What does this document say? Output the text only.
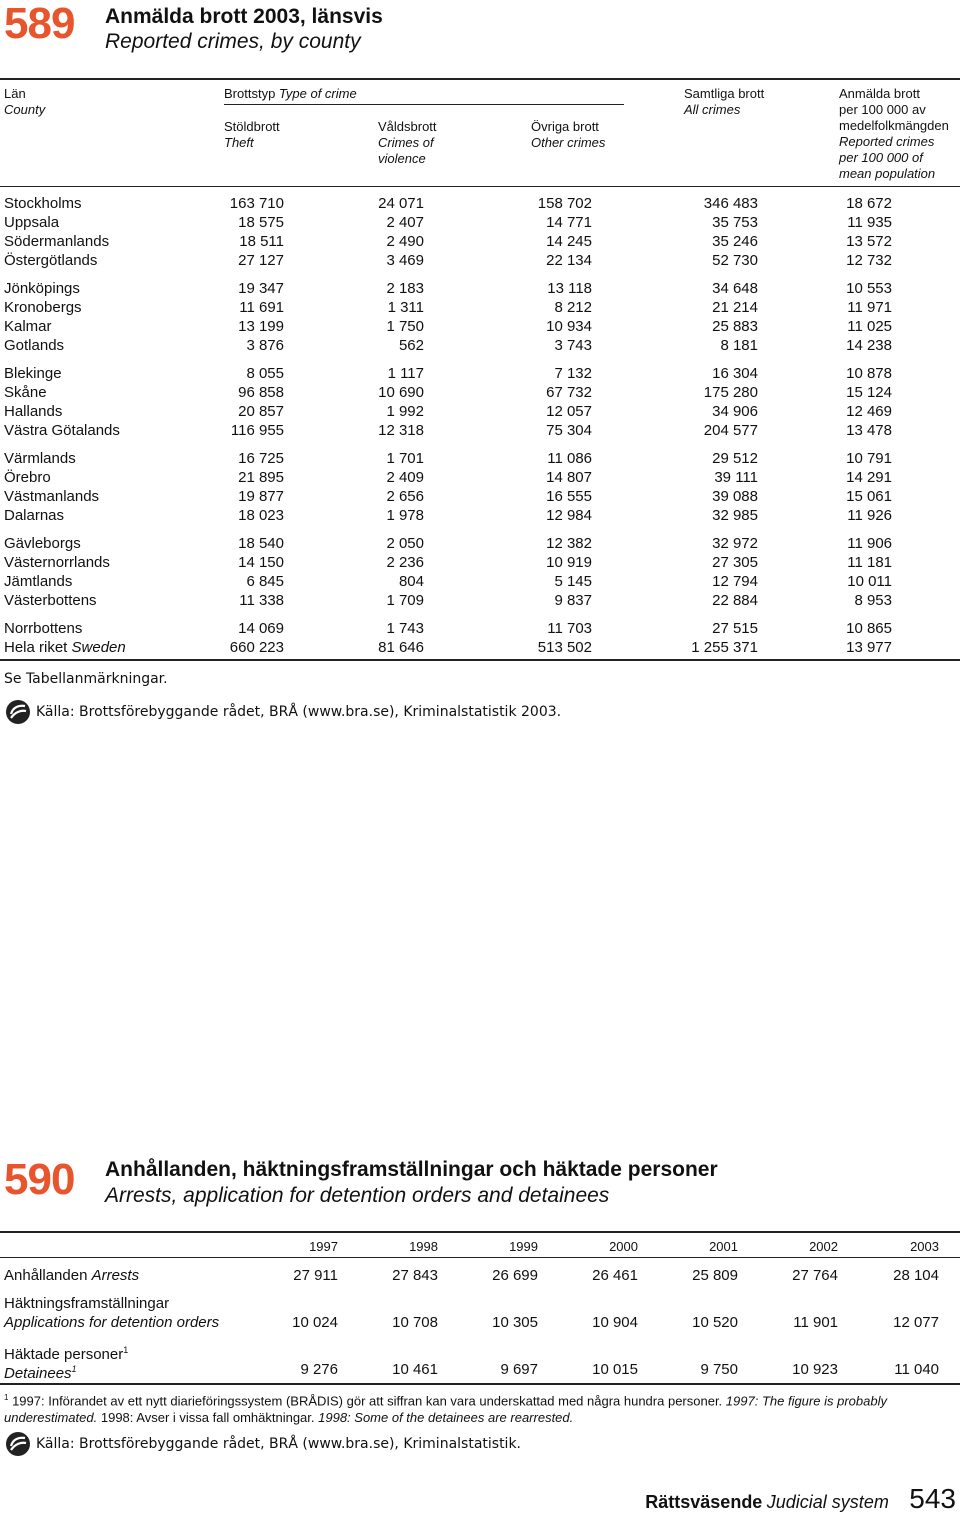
589 Anmälda brott 2003, länsvis
Reported crimes, by county
Län
County
Brottstyp Type of crime
Stöldbrott
Theft
Våldsbrott
Crimes of
violence
Övriga brott
Other crimes
Samtliga brott
All crimes
Anmälda brott
per 100 000 av
medelfolkmängden
Reported crimes
per 100 000 of
mean population
Stockholms	163 710	24 071	158 702	346 483	18 672
Uppsala	18 575	2 407	14 771	35 753	11 935
Södermanlands	18 511	2 490	14 245	35 246	13 572
Östergötlands	27 127	3 469	22 134	52 730	12 732
Jönköpings	19 347	2 183	13 118	34 648	10 553
Kronobergs	11 691	1 311	8 212	21 214	11 971
Kalmar	13 199	1 750	10 934	25 883	11 025
Gotlands	3 876	562	3 743	8 181	14 238
Blekinge	8 055	1 117	7 132	16 304	10 878
Skåne	96 858	10 690	67 732	175 280	15 124
Hallands	20 857	1 992	12 057	34 906	12 469
Västra Götalands	116 955	12 318	75 304	204 577	13 478
Värmlands	16 725	1 701	11 086	29 512	10 791
Örebro	21 895	2 409	14 807	39 111	14 291
Västmanlands	19 877	2 656	16 555	39 088	15 061
Dalarnas	18 023	1 978	12 984	32 985	11 926
Gävleborgs	18 540	2 050	12 382	32 972	11 906
Västernorrlands	14 150	2 236	10 919	27 305	11 181
Jämtlands	6 845	804	5 145	12 794	10 011
Västerbottens	11 338	1 709	9 837	22 884	8 953
Norrbottens	14 069	1 743	11 703	27 515	10 865
Hela riket Sweden	660 223	81 646	513 502	1 255 371	13 977
Se Tabellanmärkningar.
Källa: Brottsförebyggande rådet, BRÅ (www.bra.se), Kriminalstatistik 2003.
590 Anhållanden, häktningsframställningar och häktade personer
Arrests, application for detention orders and detainees
1997	1998	1999	2000	2001	2002	2003
Anhållanden Arrests	27 911	27 843	26 699	26 461	25 809	27 764	28 104
Häktningsframställningar
Applications for detention orders	10 024	10 708	10 305	10 904	10 520	11 901	12 077
Häktade personer$^1$
Detainees$^1$	9 276	10 461	9 697	10 015	9 750	10 923	11 040
$^1$ 1997: Införandet av ett nytt diarieföringssystem (BRÅDIS) gör att siffran kan vara underskattad med några hundra personer. 1997: The figure is probably underestimated. 1998: Avser i vissa fall omhäktningar. 1998: Some of the detainees are rearrested.
Källa: Brottsförebyggande rådet, BRÅ (www.bra.se), Kriminalstatistik.
Rättsväsende Judicial system 543
